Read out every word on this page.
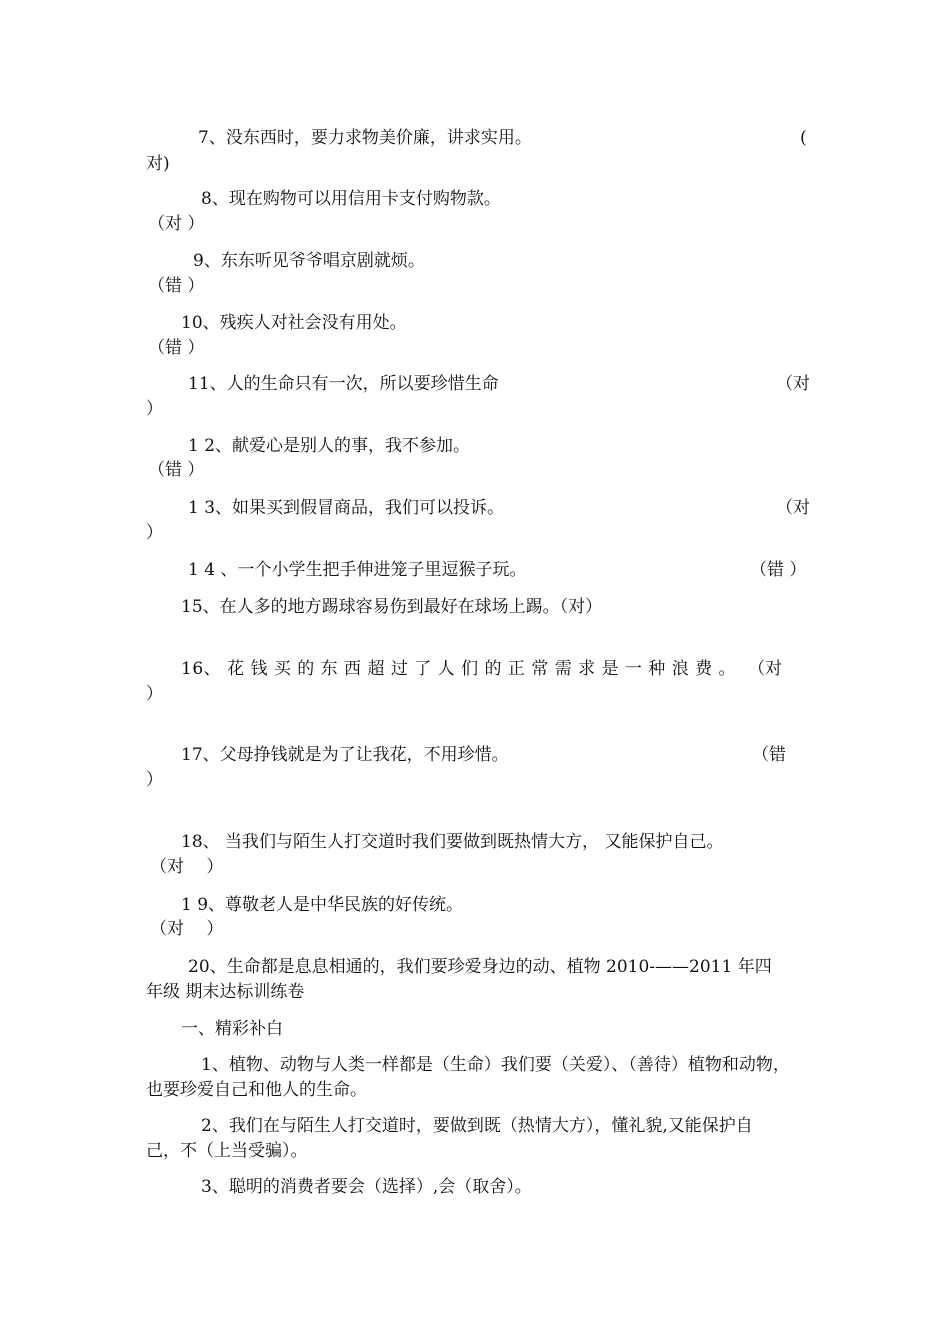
7、没东西时，要力求物美价廉，讲求实用。	(
对)
8、现在购物可以用信用卡支付购物款。
（对 ）
9、东东听见爷爷唱京剧就烦。
（错 ）
10、残疾人对社会没有用处。
（错 ）
11、人的生命只有一次，所以要珍惜生命	（对
）
1 2、献爱心是别人的事，我不参加。
（错 ）
1 3、如果买到假冒商品，我们可以投诉。	（对
）
1 4 、一个小学生把手伸进笼子里逗猴子玩。	（错 ）
15、在人多的地方踢球容易伤到最好在球场上踢。（对）
16、 花 钱 买 的 东 西 超 过 了 人 们 的 正 常 需 求 是 一 种 浪 费 。 （对
）
17、父母挣钱就是为了让我花，不用珍惜。	（错
）
18、 当我们与陌生人打交道时我们要做到既热情大方， 又能保护自己。
（对　 ）
1 9、尊敬老人是中华民族的好传统。
（对　 ）
20、生命都是息息相通的，我们要珍爱身边的动、植物 2010-——2011 年四
年级 期末达标训练卷
一、精彩补白
1、植物、动物与人类一样都是（生命）我们要（关爱）、（善待）植物和动物，
也要珍爱自己和他人的生命。
2、我们在与陌生人打交道时，要做到既（热情大方），懂礼貌,又能保护自
己，不（上当受骗）。
3、聪明的消费者要会（选择）,会（取舍）。
